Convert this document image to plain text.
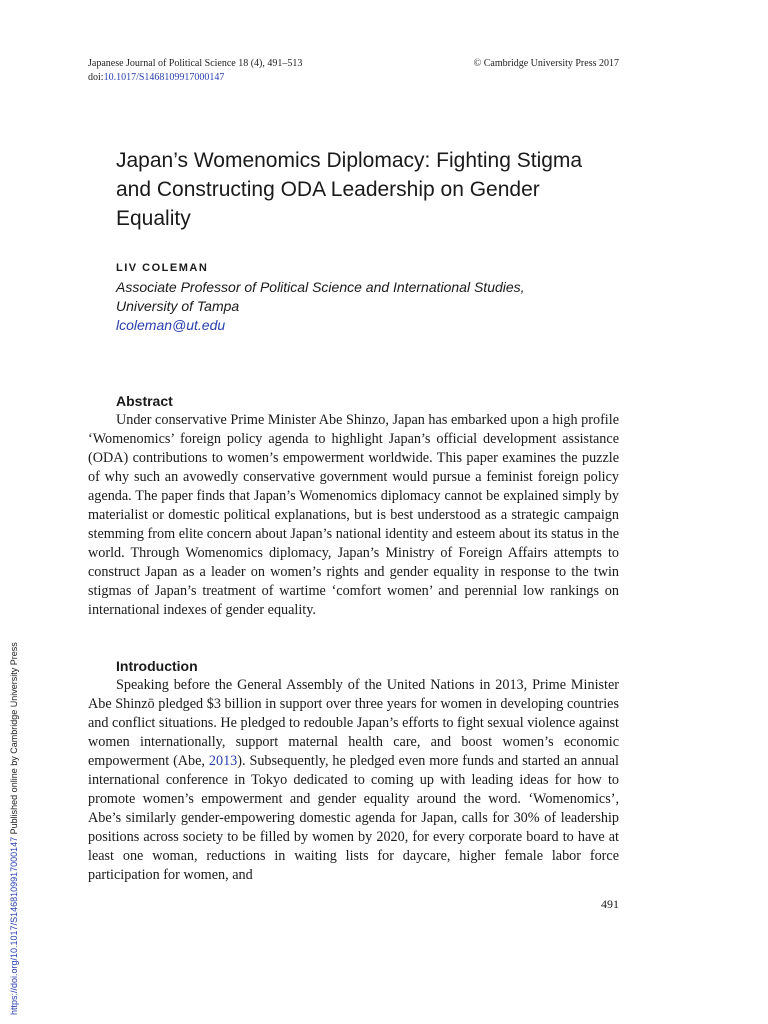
Japanese Journal of Political Science 18 (4), 491–513
doi:10.1017/S1468109917000147
© Cambridge University Press 2017
Japan’s Womenomics Diplomacy: Fighting Stigma and Constructing ODA Leadership on Gender Equality
LIV COLEMAN
Associate Professor of Political Science and International Studies,
University of Tampa
lcoleman@ut.edu
Abstract

Under conservative Prime Minister Abe Shinzo, Japan has embarked upon a high profile ‘Womenomics’ foreign policy agenda to highlight Japan’s official development assistance (ODA) contributions to women’s empowerment worldwide. This paper examines the puzzle of why such an avowedly conservative government would pursue a feminist foreign policy agenda. The paper finds that Japan’s Womenomics diplomacy cannot be explained simply by materialist or domestic political explanations, but is best understood as a strategic campaign stemming from elite concern about Japan’s national identity and esteem about its status in the world. Through Womenomics diplomacy, Japan’s Ministry of Foreign Affairs attempts to construct Japan as a leader on women’s rights and gender equality in response to the twin stigmas of Japan’s treatment of wartime ‘comfort women’ and perennial low rankings on international indexes of gender equality.

Introduction

Speaking before the General Assembly of the United Nations in 2013, Prime Minister Abe Shinzō pledged $3 billion in support over three years for women in developing countries and conflict situations. He pledged to redouble Japan’s efforts to fight sexual violence against women internationally, support maternal health care, and boost women’s economic empowerment (Abe, 2013). Subsequently, he pledged even more funds and started an annual international conference in Tokyo dedicated to coming up with leading ideas for how to promote women’s empowerment and gender equality around the word. ‘Womenomics’, Abe’s similarly gender-empowering domestic agenda for Japan, calls for 30% of leadership positions across society to be filled by women by 2020, for every corporate board to have at least one woman, reductions in waiting lists for daycare, higher female labor force participation for women, and

491
https://doi.org/10.1017/S1468109917000147 Published online by Cambridge University Press
